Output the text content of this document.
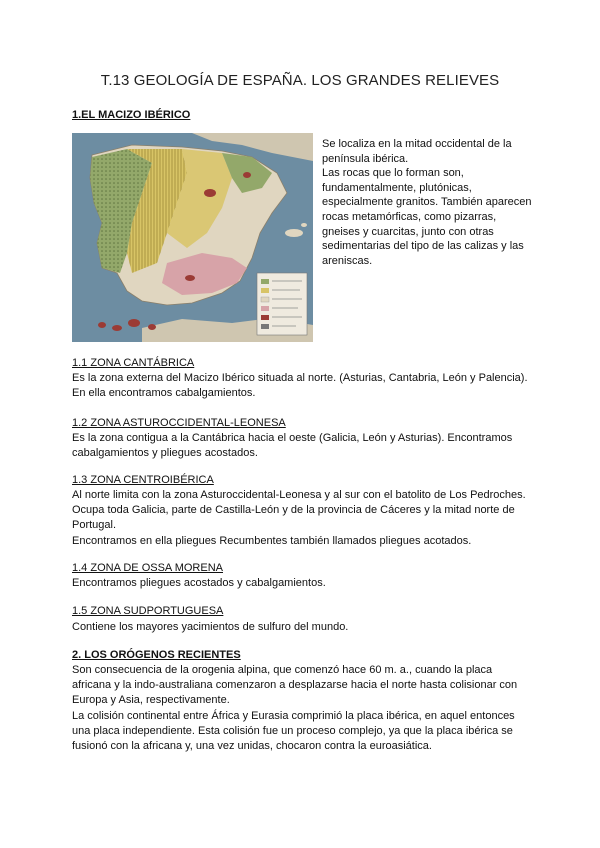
T.13 GEOLOGÍA DE ESPAÑA. LOS GRANDES RELIEVES
1.EL MACIZO IBÉRICO

Se localiza en la mitad occidental de la península ibérica.

Las rocas que lo forman son, fundamentalmente, plutónicas, especialmente granitos. También aparecen rocas metamórficas, como pizarras, gneises y cuarcitas, junto con otras sedimentarias del tipo de las calizas y las areniscas.

1.1 ZONA CANTÁBRICA

Es la zona externa del Macizo Ibérico situada al norte. (Asturias, Cantabria, León y Palencia). En ella encontramos cabalgamientos.

1.2 ZONA ASTUROCCIDENTAL-LEONESA

Es la zona contigua a la Cantábrica hacia el oeste (Galicia, León y Asturias). Encontramos cabalgamientos y pliegues acostados.

1.3 ZONA CENTROIBÉRICA

Al norte limita con la zona Asturoccidental-Leonesa y al sur con el batolito de Los Pedroches. Ocupa toda Galicia, parte de Castilla-León y de la provincia de Cáceres y la mitad norte de Portugal.

Encontramos en ella pliegues Recumbentes también llamados pliegues acotados.

1.4 ZONA DE OSSA MORENA

Encontramos pliegues acostados y cabalgamientos.

1.5 ZONA SUDPORTUGUESA

Contiene los mayores yacimientos de sulfuro del mundo.

2. LOS ORÓGENOS RECIENTES

Son consecuencia de la orogenia alpina, que comenzó hace 60 m. a., cuando la placa africana y la indo-australiana comenzaron a desplazarse hacia el norte hasta colisionar con Europa y Asia, respectivamente.

La colisión continental entre África y Eurasia comprimió la placa ibérica, en aquel entonces una placa independiente. Esta colisión fue un proceso complejo, ya que la placa ibérica se fusionó con la africana y, una vez unidas, chocaron contra la euroasiática.
